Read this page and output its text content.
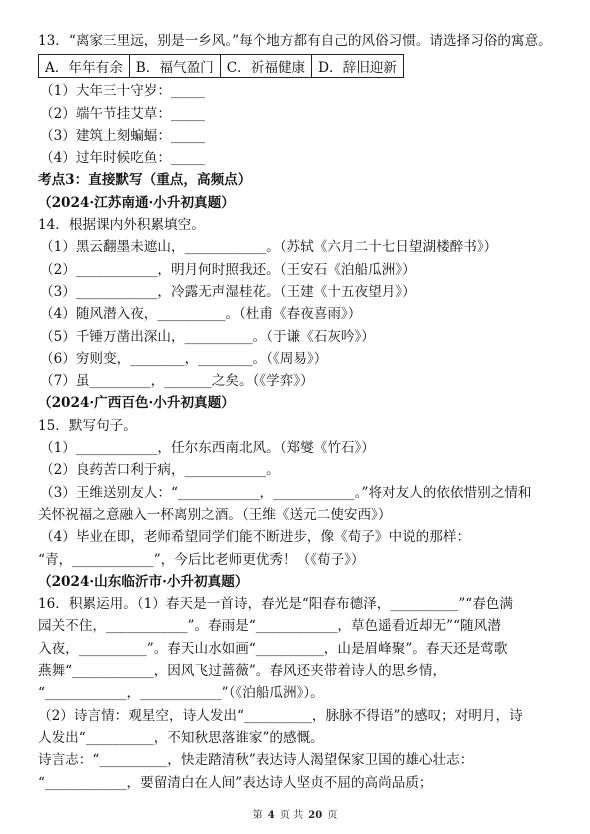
13．“离家三里远，别是一乡风。”每个地方都有自己的风俗习惯。请选择习俗的寓意。
A．年年有余	B．福气盈门	C．祈福健康	D．辞旧迎新
（1）大年三十守岁：_____
（2）端午节挂艾草：_____
（3）建筑上刻蝙蝠：_____
（4）过年时候吃鱼：_____
考点3：直接默写（重点，高频点）
（2024·江苏南通·小升初真题）
14．根据课内外积累填空。
（1）黑云翻墨未遮山，____________。（苏轼《六月二十七日望湖楼醉书》）
（2）____________，明月何时照我还。（王安石《泊船瓜洲》）
（3）____________，冷露无声湿桂花。（王建《十五夜望月》）
（4）随风潜入夜，__________。（杜甫《春夜喜雨》）
（5）千锤万凿出深山，__________。（于谦《石灰吟》）
（6）穷则变，________，________。（《周易》）
（7）虽_________，_______之矣。（《学弈》）
（2024·广西百色·小升初真题）
15．默写句子。
（1）____________，任尔东西南北风。（郑燮《竹石》）
（2）良药苦口利于病，____________。
（3）王维送别友人：“____________，____________。”将对友人的依依惜别之情和
关怀祝福之意融入一杯离别之酒。（王维《送元二使安西》）
（4）毕业在即，老师希望同学们能不断进步，像《荀子》中说的那样：
“青，____________”，今后比老师更优秀！（《荀子》）
（2024·山东临沂市·小升初真题）
16．积累运用。（1）春天是一首诗，春光是“阳春布德泽，__________”“春色满
园关不住，____________”。春雨是“____________，草色遥看近却无”“随风潜
入夜，__________”。春天山水如画“__________，山是眉峰聚”。春天还是莺歌
燕舞“____________，因风飞过蔷薇”。春风还夹带着诗人的思乡情，
“____________，____________”（《泊船瓜洲》）。
（2）诗言情：观星空，诗人发出“__________，脉脉不得语”的感叹；对明月，诗
人发出“__________，不知秋思落谁家”的感慨。
诗言志：“__________，快走踏清秋”表达诗人渴望保家卫国的雄心壮志：
“____________，要留清白在人间”表达诗人坚贞不屈的高尚品质；
第 4 页 共 20 页
